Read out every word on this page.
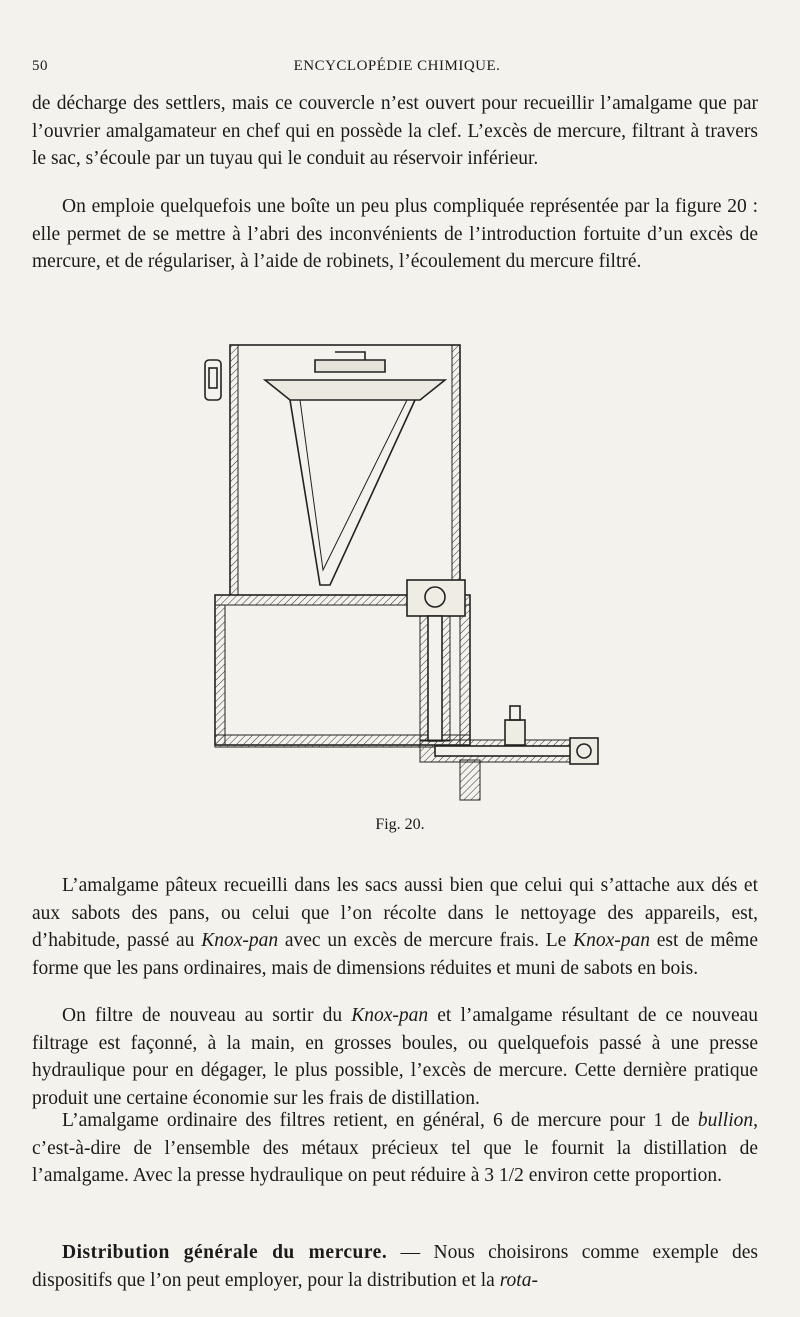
50	ENCYCLOPÉDIE CHIMIQUE.

de décharge des settlers, mais ce couvercle n’est ouvert pour recueillir l’amalgame que par l’ouvrier amalgamateur en chef qui en possède la clef. L’excès de mercure, filtrant à travers le sac, s’écoule par un tuyau qui le conduit au réservoir inférieur.

On emploie quelquefois une boîte un peu plus compliquée représentée par la figure 20 : elle permet de se mettre à l’abri des inconvénients de l’introduction fortuite d’un excès de mercure, et de régulariser, à l’aide de robinets, l’écoulement du mercure filtré.

Fig. 20.

L’amalgame pâteux recueilli dans les sacs aussi bien que celui qui s’attache aux dés et aux sabots des pans, ou celui que l’on récolte dans le nettoyage des appareils, est, d’habitude, passé au Knox-pan avec un excès de mercure frais. Le Knox-pan est de même forme que les pans ordinaires, mais de dimensions réduites et muni de sabots en bois.

On filtre de nouveau au sortir du Knox-pan et l’amalgame résultant de ce nouveau filtrage est façonné, à la main, en grosses boules, ou quelquefois passé à une presse hydraulique pour en dégager, le plus possible, l’excès de mercure. Cette dernière pratique produit une certaine économie sur les frais de distillation.

L’amalgame ordinaire des filtres retient, en général, 6 de mercure pour 1 de bullion, c’est-à-dire de l’ensemble des métaux précieux tel que le fournit la distillation de l’amalgame. Avec la presse hydraulique on peut réduire à 3 1/2 environ cette proportion.

Distribution générale du mercure. — Nous choisirons comme exemple des dispositifs que l’on peut employer, pour la distribution et la rota-
